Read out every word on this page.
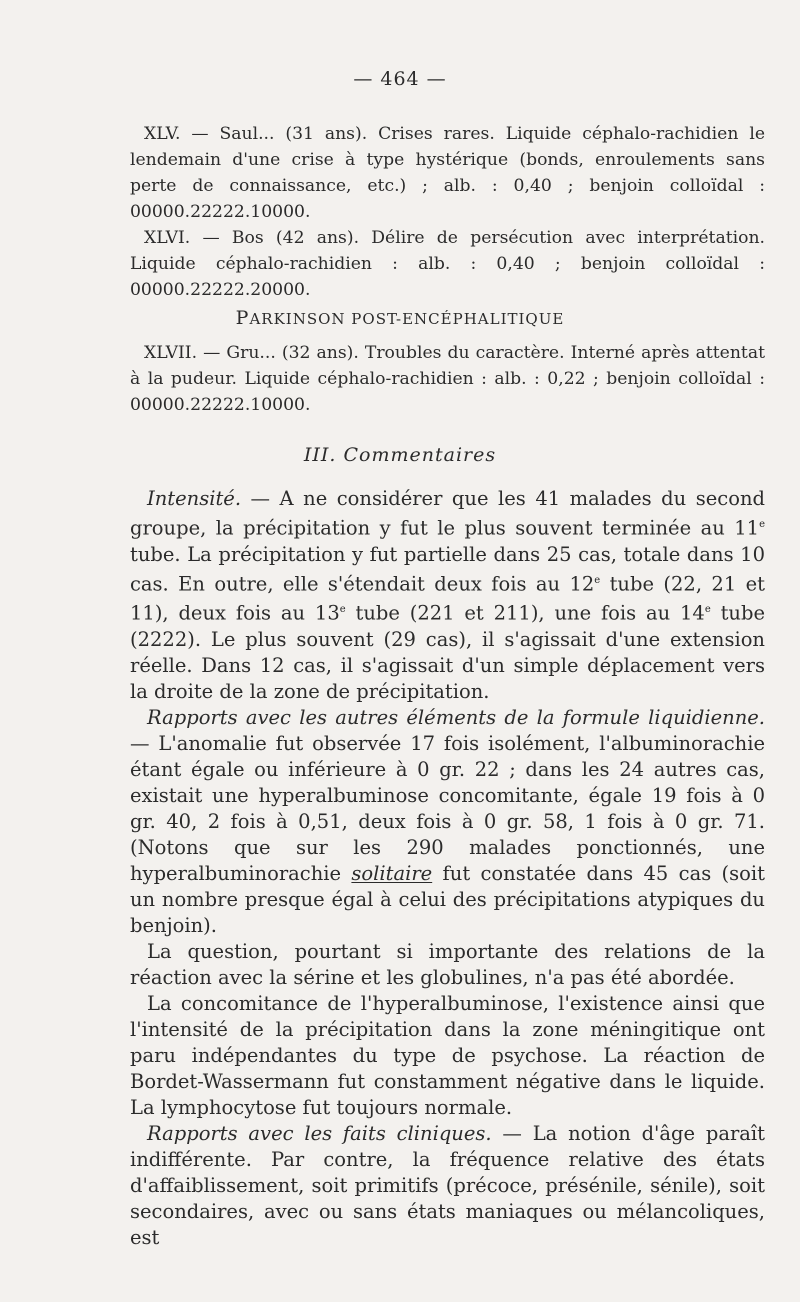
— 464 —

XLV. — Saul... (31 ans). Crises rares. Liquide céphalo-rachidien le lendemain d'une crise à type hystérique (bonds, enroulements sans perte de connaissance, etc.) ; alb. : 0,40 ; benjoin colloïdal : 00000.22222.10000.

XLVI. — Bos (42 ans). Délire de persécution avec interprétation. Liquide céphalo-rachidien : alb. : 0,40 ; benjoin colloïdal : 00000.22222.20000.

PARKINSON POST-ENCÉPHALITIQUE

XLVII. — Gru... (32 ans). Troubles du caractère. Interné après attentat à la pudeur. Liquide céphalo-rachidien : alb. : 0,22 ; benjoin colloïdal : 00000.22222.10000.

III. Commentaires

Intensité. — A ne considérer que les 41 malades du second groupe, la précipitation y fut le plus souvent terminée au 11e tube. La précipitation y fut partielle dans 25 cas, totale dans 10 cas. En outre, elle s'étendait deux fois au 12e tube (22, 21 et 11), deux fois au 13e tube (221 et 211), une fois au 14e tube (2222). Le plus souvent (29 cas), il s'agissait d'une extension réelle. Dans 12 cas, il s'agissait d'un simple déplacement vers la droite de la zone de précipitation.

Rapports avec les autres éléments de la formule liquidienne. — L'anomalie fut observée 17 fois isolément, l'albuminorachie étant égale ou inférieure à 0 gr. 22 ; dans les 24 autres cas, existait une hyperalbuminose concomitante, égale 19 fois à 0 gr. 40, 2 fois à 0,51, deux fois à 0 gr. 58, 1 fois à 0 gr. 71. (Notons que sur les 290 malades ponctionnés, une hyperalbuminorachie solitaire fut constatée dans 45 cas (soit un nombre presque égal à celui des précipitations atypiques du benjoin).

La question, pourtant si importante des relations de la réaction avec la sérine et les globulines, n'a pas été abordée.

La concomitance de l'hyperalbuminose, l'existence ainsi que l'intensité de la précipitation dans la zone méningitique ont paru indépendantes du type de psychose. La réaction de Bordet-Wassermann fut constamment négative dans le liquide. La lymphocytose fut toujours normale.

Rapports avec les faits cliniques. — La notion d'âge paraît indifférente. Par contre, la fréquence relative des états d'affaiblissement, soit primitifs (précoce, présénile, sénile), soit secondaires, avec ou sans états maniaques ou mélancoliques, est
